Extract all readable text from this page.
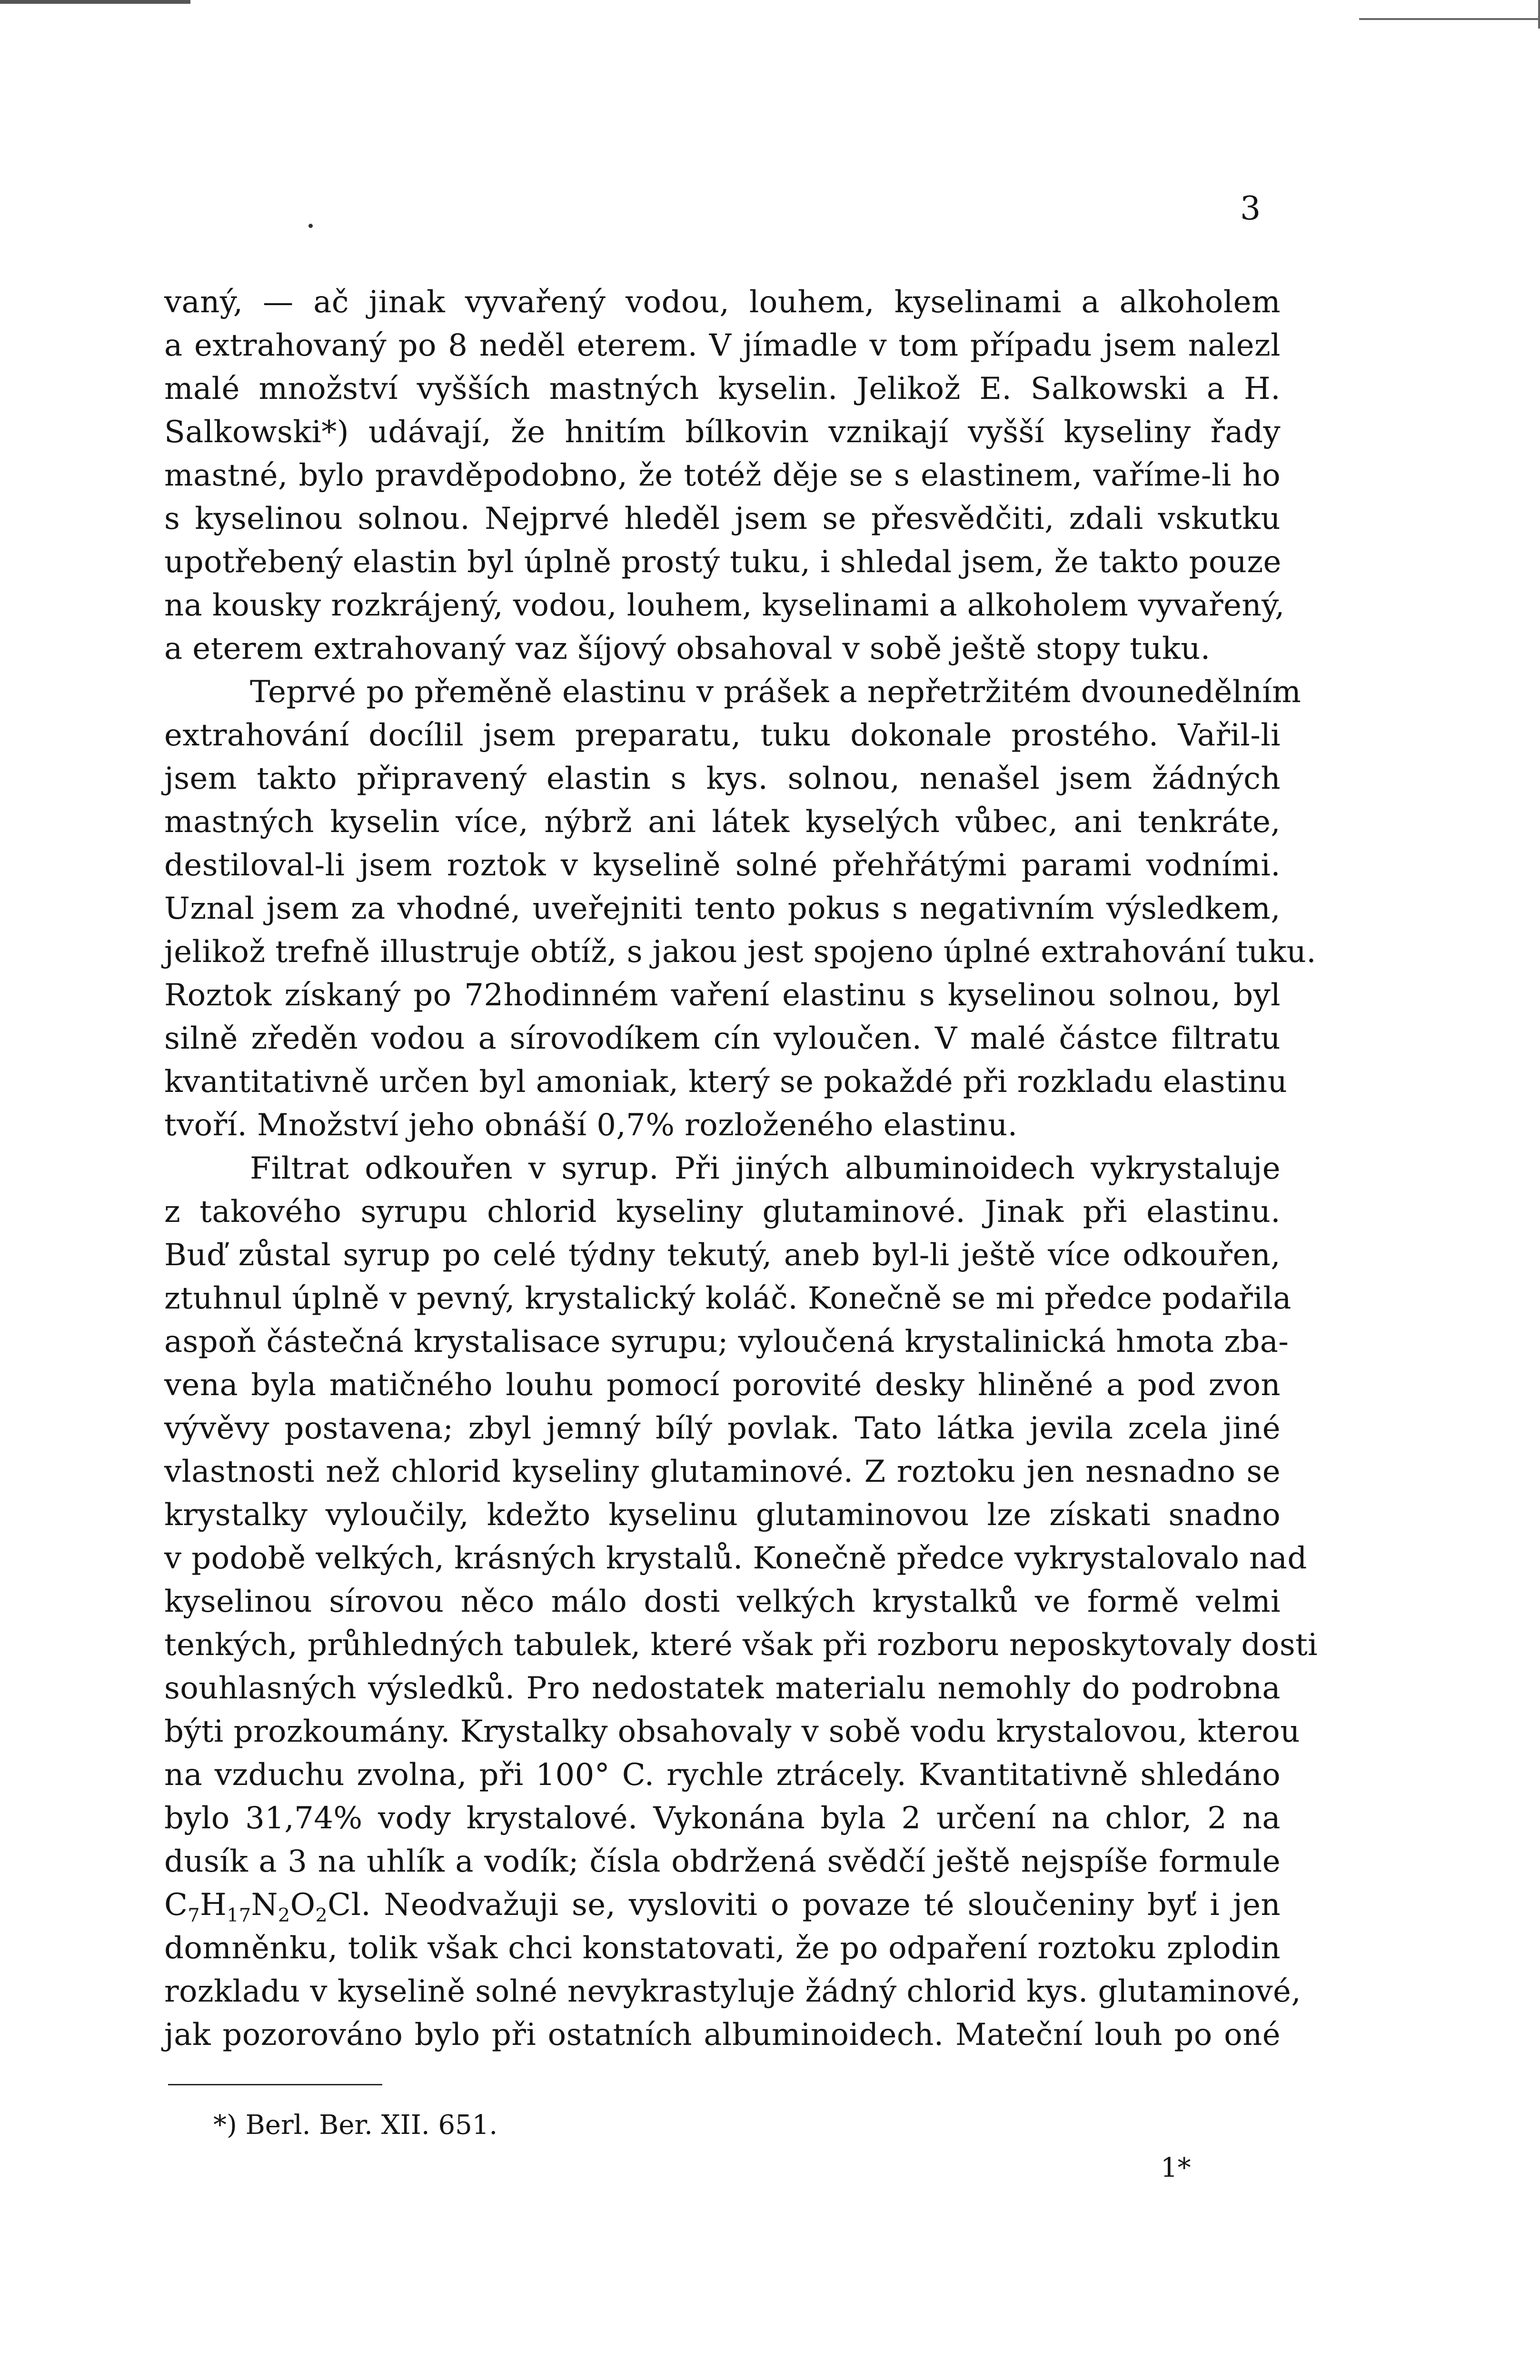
3
vaný, — ač jinak vyvařený vodou, louhem, kyselinami a alkoholem
a extrahovaný po 8 neděl eterem. V jímadle v tom případu jsem nalezl
malé množství vyšších mastných kyselin. Jelikož E. Salkowski a H.
Salkowski*) udávají, že hnitím bílkovin vznikají vyšší kyseliny řady
mastné, bylo pravděpodobno, že totéž děje se s elastinem, vaříme-li ho
s kyselinou solnou. Nejprvé hleděl jsem se přesvědčiti, zdali vskutku
upotřebený elastin byl úplně prostý tuku, i shledal jsem, že takto pouze
na kousky rozkrájený, vodou, louhem, kyselinami a alkoholem vyvařený,
a eterem extrahovaný vaz šíjový obsahoval v sobě ještě stopy tuku.
Teprvé po přeměně elastinu v prášek a nepřetržitém dvounedělním
extrahování docílil jsem preparatu, tuku dokonale prostého. Vařil-li
jsem takto připravený elastin s kys. solnou, nenašel jsem žádných
mastných kyselin více, nýbrž ani látek kyselých vůbec, ani tenkráte,
destiloval-li jsem roztok v kyselině solné přehřátými parami vodními.
Uznal jsem za vhodné, uveřejniti tento pokus s negativním výsledkem,
jelikož trefně illustruje obtíž, s jakou jest spojeno úplné extrahování tuku.
Roztok získaný po 72hodinném vaření elastinu s kyselinou solnou, byl
silně zředěn vodou a sírovodíkem cín vyloučen. V malé částce filtratu
kvantitativně určen byl amoniak, který se pokaždé při rozkladu elastinu
tvoří. Množství jeho obnáší 0,7% rozloženého elastinu.
Filtrat odkouřen v syrup. Při jiných albuminoidech vykrystaluje
z takového syrupu chlorid kyseliny glutaminové. Jinak při elastinu.
Buď zůstal syrup po celé týdny tekutý, aneb byl-li ještě více odkouřen,
ztuhnul úplně v pevný, krystalický koláč. Konečně se mi předce podařila
aspoň částečná krystalisace syrupu; vyloučená krystalinická hmota zba-
vena byla matičného louhu pomocí porovité desky hliněné a pod zvon
vývěvy postavena; zbyl jemný bílý povlak. Tato látka jevila zcela jiné
vlastnosti než chlorid kyseliny glutaminové. Z roztoku jen nesnadno se
krystalky vyloučily, kdežto kyselinu glutaminovou lze získati snadno
v podobě velkých, krásných krystalů. Konečně předce vykrystalovalo nad
kyselinou sírovou něco málo dosti velkých krystalků ve formě velmi
tenkých, průhledných tabulek, které však při rozboru neposkytovaly dosti
souhlasných výsledků. Pro nedostatek materialu nemohly do podrobna
býti prozkoumány. Krystalky obsahovaly v sobě vodu krystalovou, kterou
na vzduchu zvolna, při 100° C. rychle ztrácely. Kvantitativně shledáno
bylo 31,74% vody krystalové. Vykonána byla 2 určení na chlor, 2 na
dusík a 3 na uhlík a vodík; čísla obdržená svědčí ještě nejspíše formule
$C_7H_{17}N_2O_2Cl$. Neodvažuji se, vysloviti o povaze té sloučeniny byť i jen
domněnku, tolik však chci konstatovati, že po odpaření roztoku zplodin
rozkladu v kyselině solné nevykrastyluje žádný chlorid kys. glutaminové,
jak pozorováno bylo při ostatních albuminoidech. Mateční louh po oné
*) Berl. Ber. XII. 651.
1*
